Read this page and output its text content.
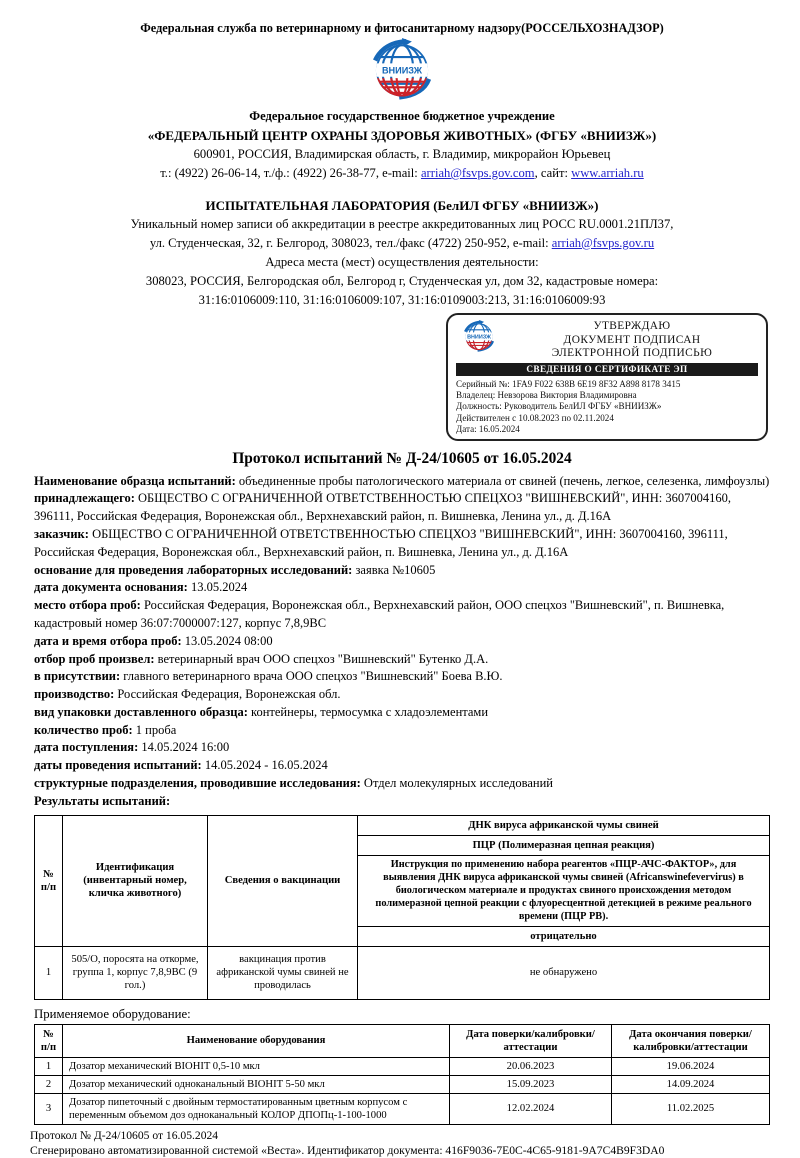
Федеральная служба по ветеринарному и фитосанитарному надзору(РОССЕЛЬХОЗНАДЗОР)

ВНИИЗЖ

Федеральное государственное бюджетное учреждение

«ФЕДЕРАЛЬНЫЙ ЦЕНТР ОХРАНЫ ЗДОРОВЬЯ ЖИВОТНЫХ» (ФГБУ «ВНИИЗЖ»)

600901, РОССИЯ, Владимирская область, г. Владимир, микрорайон Юрьевец

т.: (4922) 26-06-14, т./ф.: (4922) 26-38-77, e-mail: arriah@fsvps.gov.com, сайт: www.arriah.ru

ИСПЫТАТЕЛЬНАЯ ЛАБОРАТОРИЯ (БелИЛ ФГБУ «ВНИИЗЖ»)

Уникальный номер записи об аккредитации в реестре аккредитованных лиц РОСС RU.0001.21ПЛ37,

ул. Студенческая, 32, г. Белгород, 308023, тел./факс (4722) 250-952, e-mail: arriah@fsvps.gov.ru

Адреса места (мест) осуществления деятельности:

308023, РОССИЯ, Белгородская обл, Белгород г, Студенческая ул, дом 32, кадастровые номера:

31:16:0106009:110, 31:16:0106009:107, 31:16:0109003:213, 31:16:0106009:93

ВНИИЗЖ
УТВЕРЖДАЮ
ДОКУМЕНТ ПОДПИСАН
ЭЛЕКТРОННОЙ ПОДПИСЬЮ
СВЕДЕНИЯ О СЕРТИФИКАТЕ ЭП
Серийный №: 1FA9 F022 638B 6E19 8F32 A898 8178 3415
Владелец: Невзорова Виктория Владимировна
Должность: Руководитель БелИЛ ФГБУ «ВНИИЗЖ»
Действителен с 10.08.2023 по 02.11.2024
Дата: 16.05.2024
Протокол испытаний № Д-24/10605 от 16.05.2024

Наименование образца испытаний: объединенные пробы патологического материала от свиней (печень, легкое, селезенка, лимфоузлы)

принадлежащего: ОБЩЕСТВО С ОГРАНИЧЕННОЙ ОТВЕТСТВЕННОСТЬЮ СПЕЦХОЗ "ВИШНЕВСКИЙ", ИНН: 3607004160, 396111, Российская Федерация, Воронежская обл., Верхнехавский район, п. Вишневка, Ленина ул., д. Д.16А

заказчик: ОБЩЕСТВО С ОГРАНИЧЕННОЙ ОТВЕТСТВЕННОСТЬЮ СПЕЦХОЗ "ВИШНЕВСКИЙ", ИНН: 3607004160, 396111, Российская Федерация, Воронежская обл., Верхнехавский район, п. Вишневка, Ленина ул., д. Д.16А

основание для проведения лабораторных исследований: заявка №10605

дата документа основания: 13.05.2024

место отбора проб: Российская Федерация, Воронежская обл., Верхнехавский район, ООО спецхоз "Вишневский", п. Вишневка, кадастровый номер 36:07:7000007:127, корпус 7,8,9ВС

дата и время отбора проб: 13.05.2024 08:00

отбор проб произвел: ветеринарный врач ООО спецхоз "Вишневский" Бутенко Д.А.

в присутствии: главного ветеринарного врача ООО спецхоз "Вишневский" Боева В.Ю.

производство: Российская Федерация, Воронежская обл.

вид упаковки доставленного образца: контейнеры, термосумка с хладоэлементами

количество проб: 1 проба

дата поступления: 14.05.2024 16:00

даты проведения испытаний: 14.05.2024 - 16.05.2024

структурные подразделения, проводившие исследования: Отдел молекулярных исследований

Результаты испытаний:

№ п/п	Идентификация (инвентарный номер, кличка животного)	Сведения о вакцинации	ДНК вируса африканской чумы свиней
			ПЦР (Полимеразная цепная реакция)
			Инструкция по применению набора реагентов «ПЦР-АЧС-ФАКТОР», для выявления ДНК вируса африканской чумы свиней (Africanswinefevervirus) в биологическом материале и продуктах свиного происхождения методом полимеразной цепной реакции с флуоресцентной детекцией в режиме реального времени (ПЦР РВ).
			отрицательно
1	505/О, поросята на откорме, группа 1, корпус 7,8,9ВС (9 гол.)	вакцинация против африканской чумы свиней не проводилась	не обнаружено

Применяемое оборудование:

№ п/п	Наименование оборудования	Дата поверки/калибровки/аттестации	Дата окончания поверки/калибровки/аттестации
1	Дозатор механический BIOHIT 0,5-10 мкл	20.06.2023	19.06.2024
2	Дозатор механический одноканальный BIOHIT 5-50 мкл	15.09.2023	14.09.2024
3	Дозатор пипеточный с двойным термостатированным цветным корпусом с переменным объемом доз одноканальный КОЛОР ДПОПц-1-100-1000	12.02.2024	11.02.2025
Протокол № Д-24/10605 от 16.05.2024
Сгенерировано автоматизированной системой «Веста». Идентификатор документа: 416F9036-7E0C-4C65-9181-9A7C4B9F3DA0
